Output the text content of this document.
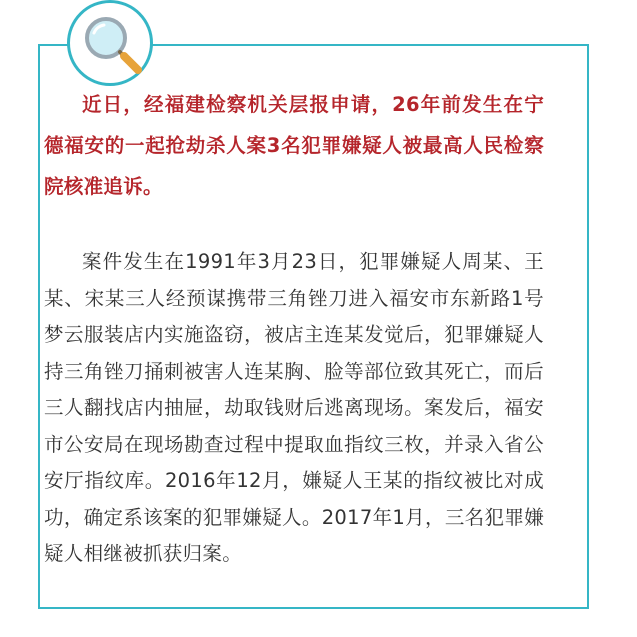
近日，经福建检察机关层报申请，26年前发生在宁德福安的一起抢劫杀人案3名犯罪嫌疑人被最高人民检察院核准追诉。

案件发生在1991年3月23日，犯罪嫌疑人周某、王某、宋某三人经预谋携带三角锉刀进入福安市东新路1号梦云服装店内实施盗窃，被店主连某发觉后，犯罪嫌疑人持三角锉刀捅刺被害人连某胸、脸等部位致其死亡，而后三人翻找店内抽屉，劫取钱财后逃离现场。案发后，福安市公安局在现场勘查过程中提取血指纹三枚，并录入省公安厅指纹库。2016年12月，嫌疑人王某的指纹被比对成功，确定系该案的犯罪嫌疑人。2017年1月，三名犯罪嫌疑人相继被抓获归案。
